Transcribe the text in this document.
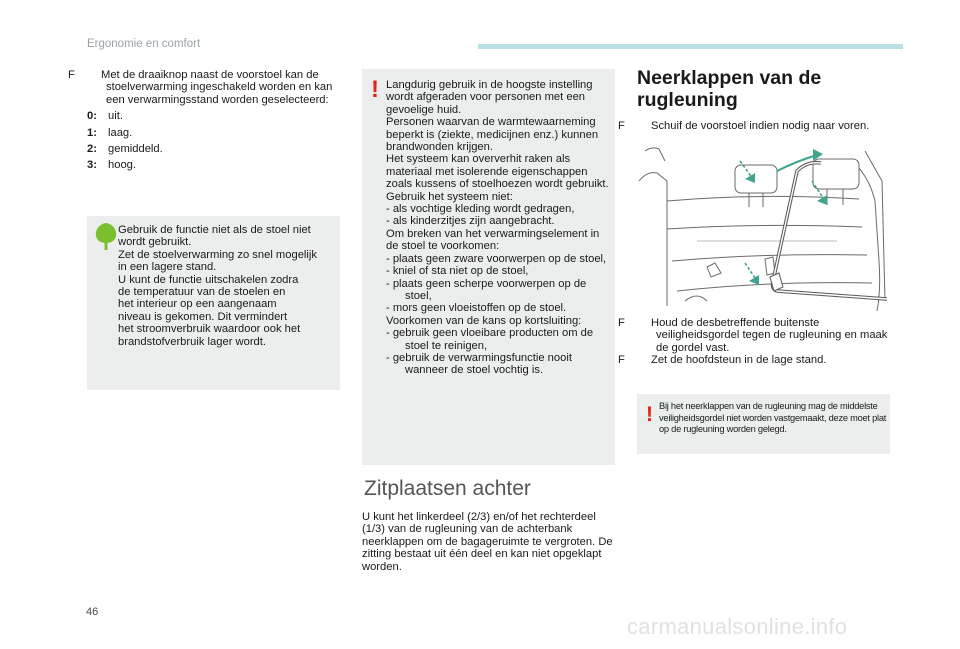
Ergonomie en comfort
F Met de draaiknop naast de voorstoel kan de stoelverwarming ingeschakeld worden en kan een verwarmingsstand worden geselecteerd:
0: uit.
1: laag.
2: gemiddeld.
3: hoog.
Gebruik de functie niet als de stoel niet
wordt gebruikt.
Zet de stoelverwarming zo snel mogelijk
in een lagere stand.
U kunt de functie uitschakelen zodra
de temperatuur van de stoelen en
het interieur op een aangenaam
niveau is gekomen. Dit vermindert
het stroomverbruik waardoor ook het
brandstofverbruik lager wordt.
! Langdurig gebruik in de hoogste instelling wordt afgeraden voor personen met een gevoelige huid.
Personen waarvan de warmtewaarneming beperkt is (ziekte, medicijnen enz.) kunnen brandwonden krijgen.
Het systeem kan oververhit raken als materiaal met isolerende eigenschappen zoals kussens of stoelhoezen wordt gebruikt.
Gebruik het systeem niet:
- als vochtige kleding wordt gedragen,
- als kinderzitjes zijn aangebracht.
Om breken van het verwarmingselement in de stoel te voorkomen:
- plaats geen zware voorwerpen op de stoel,
- kniel of sta niet op de stoel,
- plaats geen scherpe voorwerpen op de stoel,
- mors geen vloeistoffen op de stoel.
Voorkomen van de kans op kortsluiting:
- gebruik geen vloeibare producten om de stoel te reinigen,
- gebruik de verwarmingsfunctie nooit wanneer de stoel vochtig is.
Zitplaatsen achter
U kunt het linkerdeel (2/3) en/of het rechterdeel (1/3) van de rugleuning van de achterbank neerklappen om de bagageruimte te vergroten. De zitting bestaat uit één deel en kan niet opgeklapt worden.
Neerklappen van de rugleuning
F Schuif de voorstoel indien nodig naar voren.
F Houd de desbetreffende buitenste veiligheidsgordel tegen de rugleuning en maak de gordel vast.
F Zet de hoofdsteun in de lage stand.
! Bij het neerklappen van de rugleuning mag de middelste veiligheidsgordel niet worden vastgemaakt, deze moet plat op de rugleuning worden gelegd.
46
carmanualsonline.info
